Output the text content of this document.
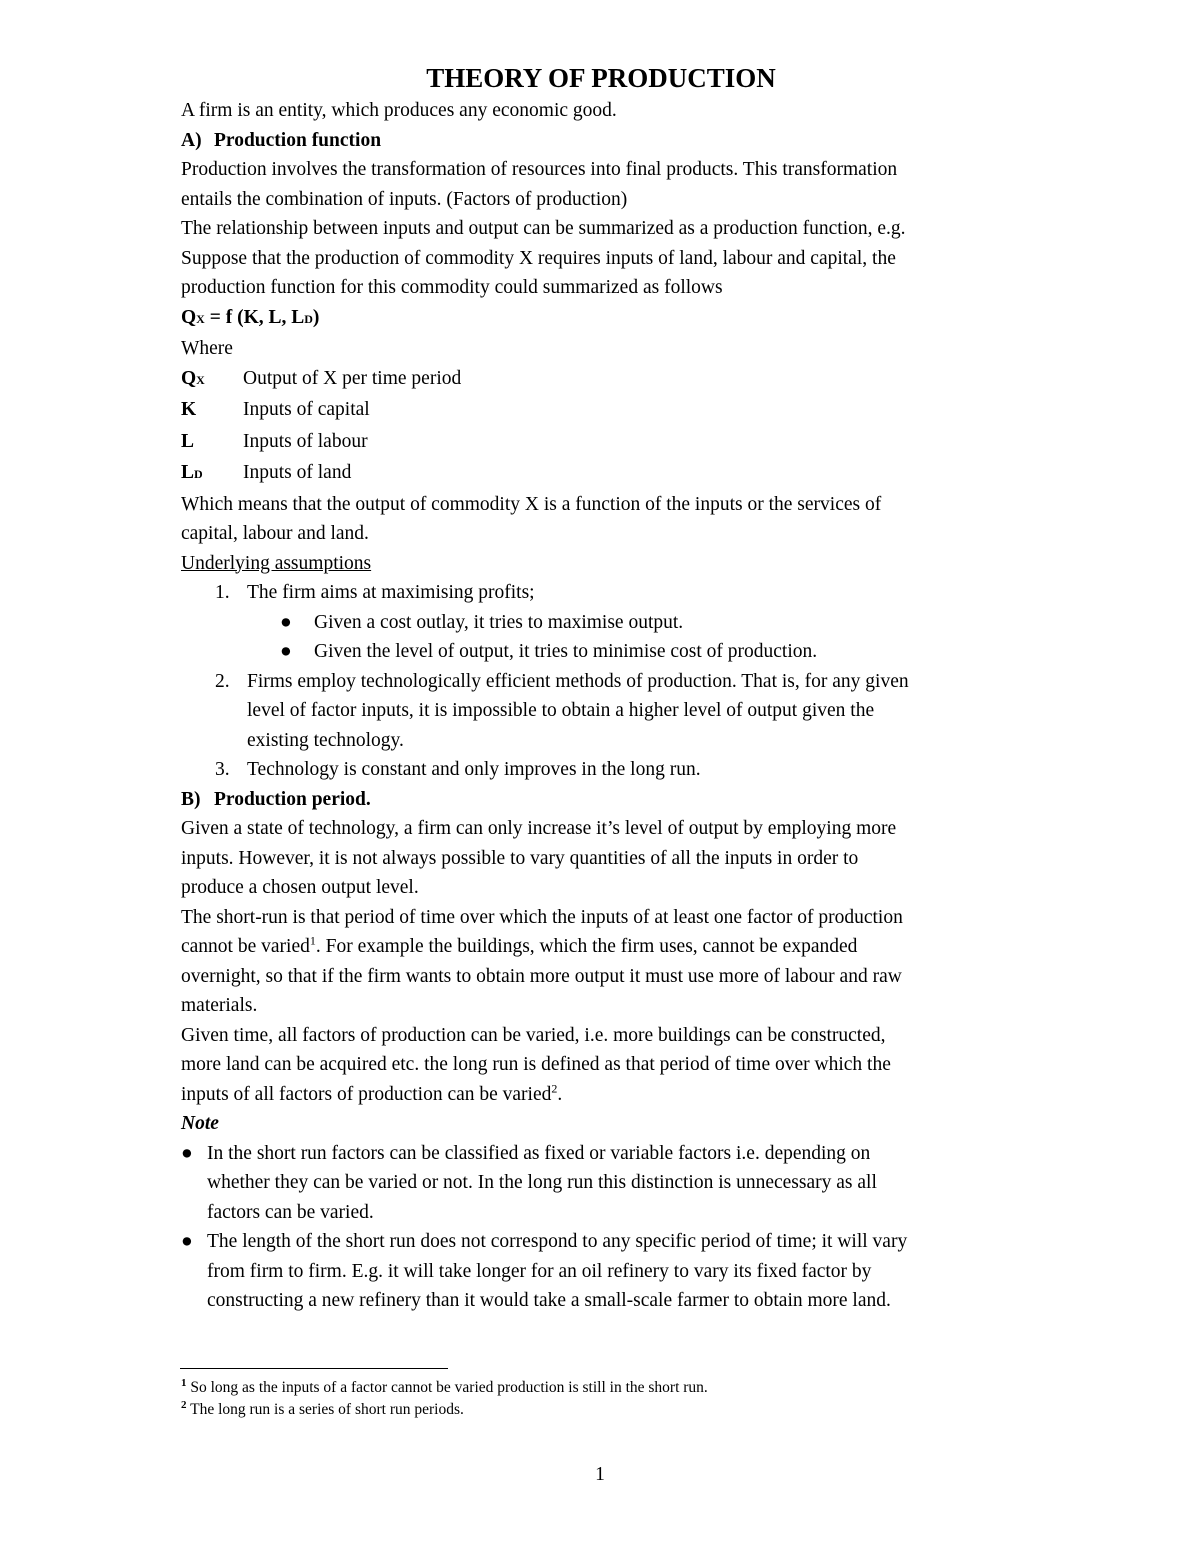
THEORY OF PRODUCTION

A firm is an entity, which produces any economic good.

A) Production function

Production involves the transformation of resources into final products. This transformation

entails the combination of inputs. (Factors of production)

The relationship between inputs and output can be summarized as a production function, e.g.

Suppose that the production of commodity X requires inputs of land, labour and capital, the

production function for this commodity could summarized as follows

QX = f (K, L, LD)

Where

QX	Output of X per time period
K	Inputs of capital
L	Inputs of labour
LD	Inputs of land

Which means that the output of commodity X is a function of the inputs or the services of

capital, labour and land.

Underlying assumptions

1. The firm aims at maximising profits;

● Given a cost outlay, it tries to maximise output.

● Given the level of output, it tries to minimise cost of production.

2. Firms employ technologically efficient methods of production. That is, for any given

level of factor inputs, it is impossible to obtain a higher level of output given the

existing technology.

3. Technology is constant and only improves in the long run.

B) Production period.

Given a state of technology, a firm can only increase it’s level of output by employing more

inputs. However, it is not always possible to vary quantities of all the inputs in order to

produce a chosen output level.

The short-run is that period of time over which the inputs of at least one factor of production

cannot be varied$^1$. For example the buildings, which the firm uses, cannot be expanded

overnight, so that if the firm wants to obtain more output it must use more of labour and raw

materials.

Given time, all factors of production can be varied, i.e. more buildings can be constructed,

more land can be acquired etc. the long run is defined as that period of time over which the

inputs of all factors of production can be varied$^2$.

Note

● In the short run factors can be classified as fixed or variable factors i.e. depending on

whether they can be varied or not. In the long run this distinction is unnecessary as all

factors can be varied.

● The length of the short run does not correspond to any specific period of time; it will vary

from firm to firm. E.g. it will take longer for an oil refinery to vary its fixed factor by

constructing a new refinery than it would take a small-scale farmer to obtain more land.

$^1$ So long as the inputs of a factor cannot be varied production is still in the short run.

$^2$ The long run is a series of short run periods.

1
